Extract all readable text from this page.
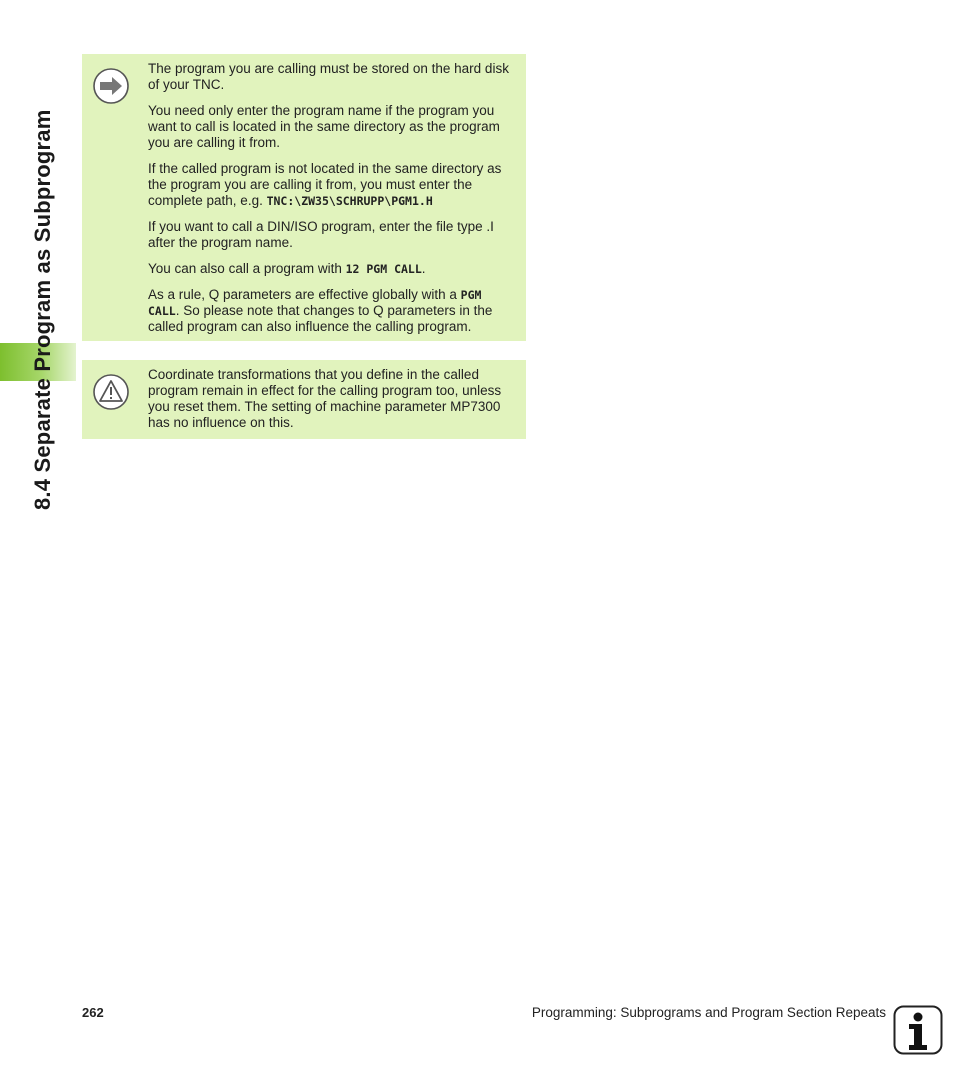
8.4 Separate Program as Subprogram

The program you are calling must be stored on the hard disk of your TNC.

You need only enter the program name if the program you want to call is located in the same directory as the program you are calling it from.

If the called program is not located in the same directory as the program you are calling it from, you must enter the complete path, e.g. TNC:\ZW35\SCHRUPP\PGM1.H

If you want to call a DIN/ISO program, enter the file type .I after the program name.

You can also call a program with 12 PGM CALL.

As a rule, Q parameters are effective globally with a PGM CALL. So please note that changes to Q parameters in the called program can also influence the calling program.

Coordinate transformations that you define in the called program remain in effect for the calling program too, unless you reset them. The setting of machine parameter MP7300 has no influence on this.

262	Programming: Subprograms and Program Section Repeats
